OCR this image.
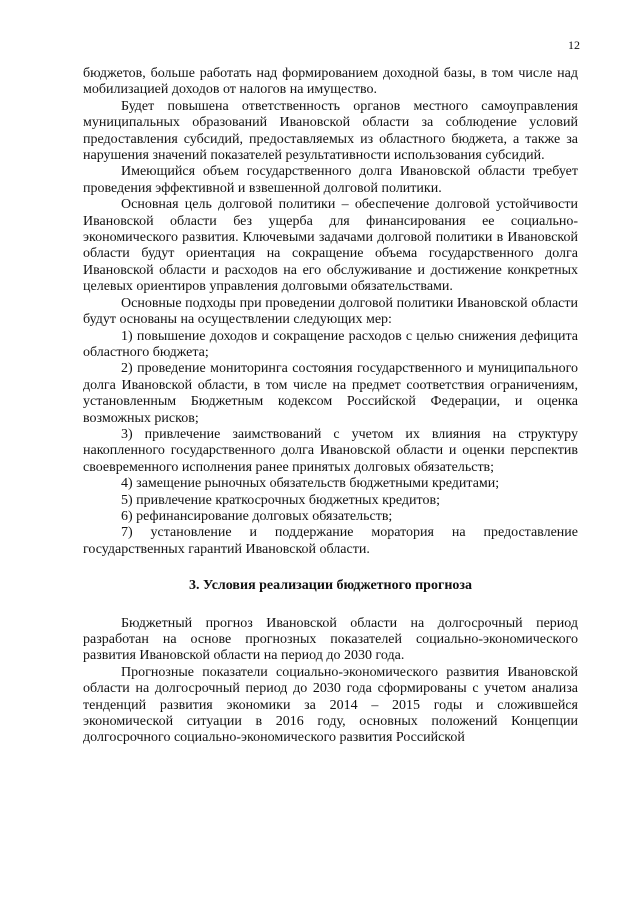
12

бюджетов, больше работать над формированием доходной базы, в том числе над мобилизацией доходов от налогов на имущество.

Будет повышена ответственность органов местного самоуправления муниципальных образований Ивановской области за соблюдение условий предоставления субсидий, предоставляемых из областного бюджета, а также за нарушения значений показателей результативности использования субсидий.

Имеющийся объем государственного долга Ивановской области требует проведения эффективной и взвешенной долговой политики.

Основная цель долговой политики – обеспечение долговой устойчивости Ивановской области без ущерба для финансирования ее социально-экономического развития. Ключевыми задачами долговой политики в Ивановской области будут ориентация на сокращение объема государственного долга Ивановской области и расходов на его обслуживание и достижение конкретных целевых ориентиров управления долговыми обязательствами.

Основные подходы при проведении долговой политики Ивановской области будут основаны на осуществлении следующих мер:

1) повышение доходов и сокращение расходов с целью снижения дефицита областного бюджета;

2) проведение мониторинга состояния государственного и муниципального долга Ивановской области, в том числе на предмет соответствия ограничениям, установленным Бюджетным кодексом Российской Федерации, и оценка возможных рисков;

3) привлечение заимствований с учетом их влияния на структуру накопленного государственного долга Ивановской области и оценки перспектив своевременного исполнения ранее принятых долговых обязательств;

4) замещение рыночных обязательств бюджетными кредитами;

5) привлечение краткосрочных бюджетных кредитов;

6) рефинансирование долговых обязательств;

7) установление и поддержание моратория на предоставление государственных гарантий Ивановской области.

3. Условия реализации бюджетного прогноза

Бюджетный прогноз Ивановской области на долгосрочный период разработан на основе прогнозных показателей социально-экономического развития Ивановской области на период до 2030 года.

Прогнозные показатели социально-экономического развития Ивановской области на долгосрочный период до 2030 года сформированы с учетом анализа тенденций развития экономики за 2014 – 2015 годы и сложившейся экономической ситуации в 2016 году, основных положений Концепции долгосрочного социально-экономического развития Российской
